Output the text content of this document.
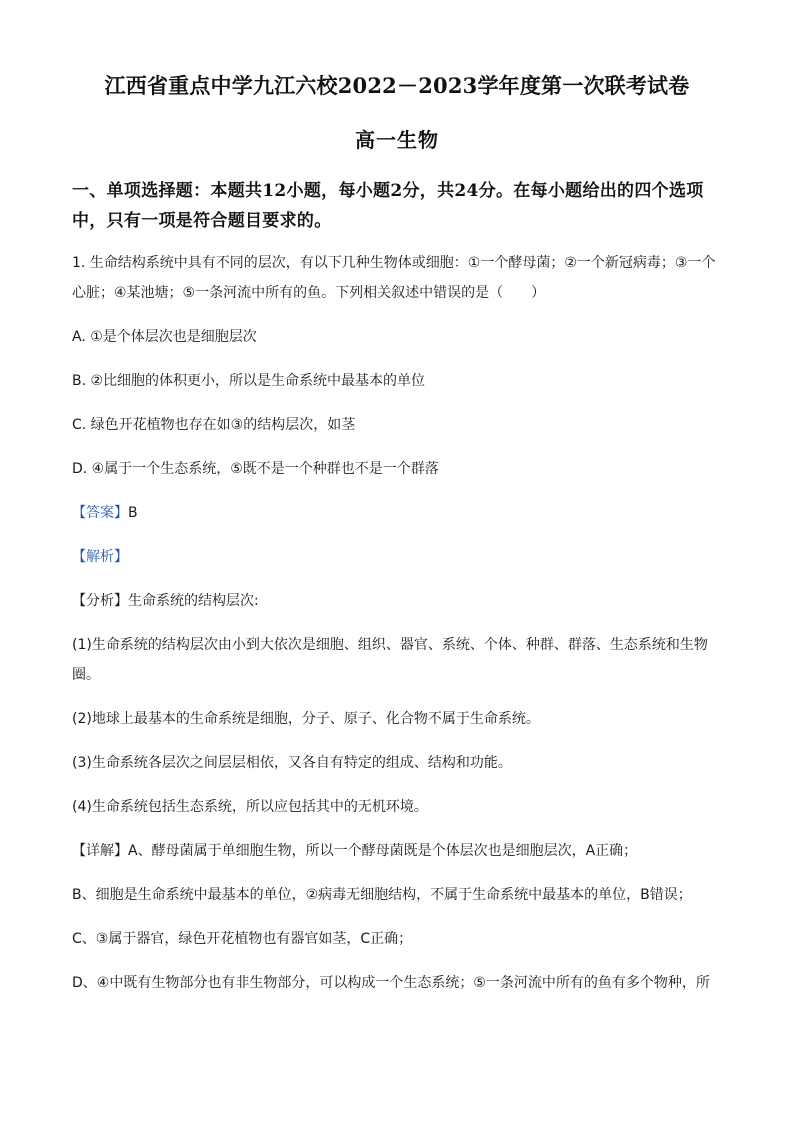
江西省重点中学九江六校2022－2023学年度第一次联考试卷
高一生物
一、单项选择题：本题共12小题，每小题2分，共24分。在每小题给出的四个选项中，只有一项是符合题目要求的。

1. 生命结构系统中具有不同的层次，有以下几种生物体或细胞：①一个酵母菌；②一个新冠病毒；③一个

心脏；④某池塘；⑤一条河流中所有的鱼。下列相关叙述中错误的是（　　）

A. ①是个体层次也是细胞层次

B. ②比细胞的体积更小，所以是生命系统中最基本的单位

C. 绿色开花植物也存在如③的结构层次，如茎

D. ④属于一个生态系统，⑤既不是一个种群也不是一个群落

【答案】B

【解析】

【分析】生命系统的结构层次:

(1)生命系统的结构层次由小到大依次是细胞、组织、器官、系统、个体、种群、群落、生态系统和生物

圈。

(2)地球上最基本的生命系统是细胞，分子、原子、化合物不属于生命系统。

(3)生命系统各层次之间层层相依，又各自有特定的组成、结构和功能。

(4)生命系统包括生态系统，所以应包括其中的无机环境。

【详解】A、酵母菌属于单细胞生物，所以一个酵母菌既是个体层次也是细胞层次，A正确；

B、细胞是生命系统中最基本的单位，②病毒无细胞结构，不属于生命系统中最基本的单位，B错误；

C、③属于器官，绿色开花植物也有器官如茎，C正确；

D、④中既有生物部分也有非生物部分，可以构成一个生态系统；⑤一条河流中所有的鱼有多个物种，所
